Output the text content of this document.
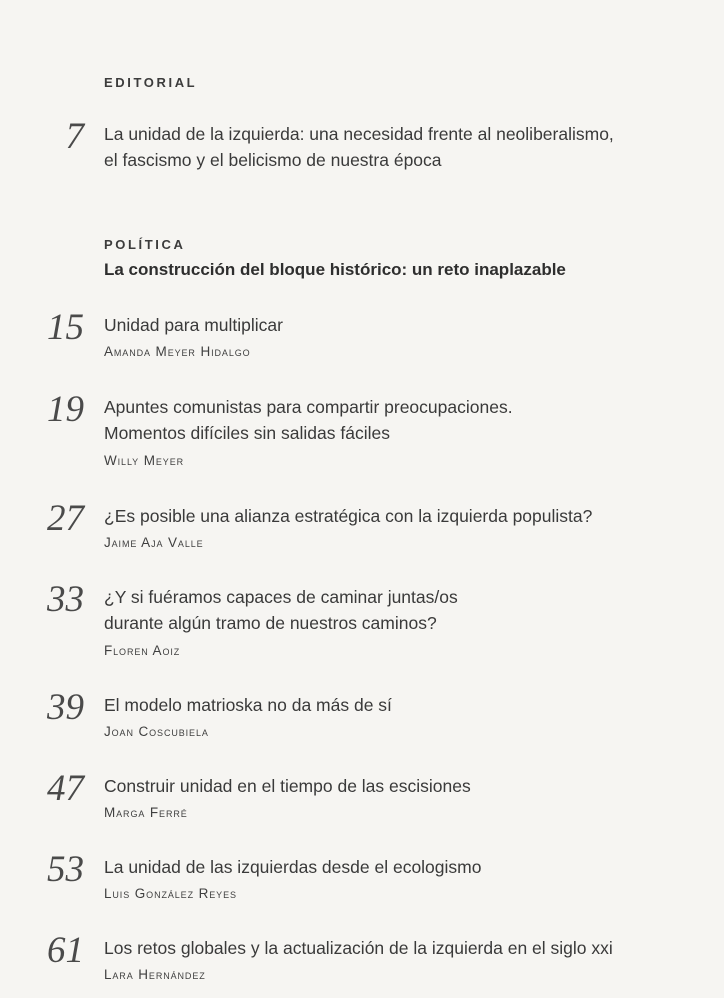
EDITORIAL
7 La unidad de la izquierda: una necesidad frente al neoliberalismo,
el fascismo y el belicismo de nuestra época
POLÍTICA
La construcción del bloque histórico: un reto inaplazable
15 Unidad para multiplicar
Amanda Meyer Hidalgo
19 Apuntes comunistas para compartir preocupaciones.
Momentos difíciles sin salidas fáciles
Willy Meyer
27 ¿Es posible una alianza estratégica con la izquierda populista?
Jaime Aja Valle
33 ¿Y si fuéramos capaces de caminar juntas/os
durante algún tramo de nuestros caminos?
Floren Aoiz
39 El modelo matrioska no da más de sí
Joan Coscubiela
47 Construir unidad en el tiempo de las escisiones
Marga Ferré
53 La unidad de las izquierdas desde el ecologismo
Luis González Reyes
61 Los retos globales y la actualización de la izquierda en el siglo xxi
Lara Hernández
